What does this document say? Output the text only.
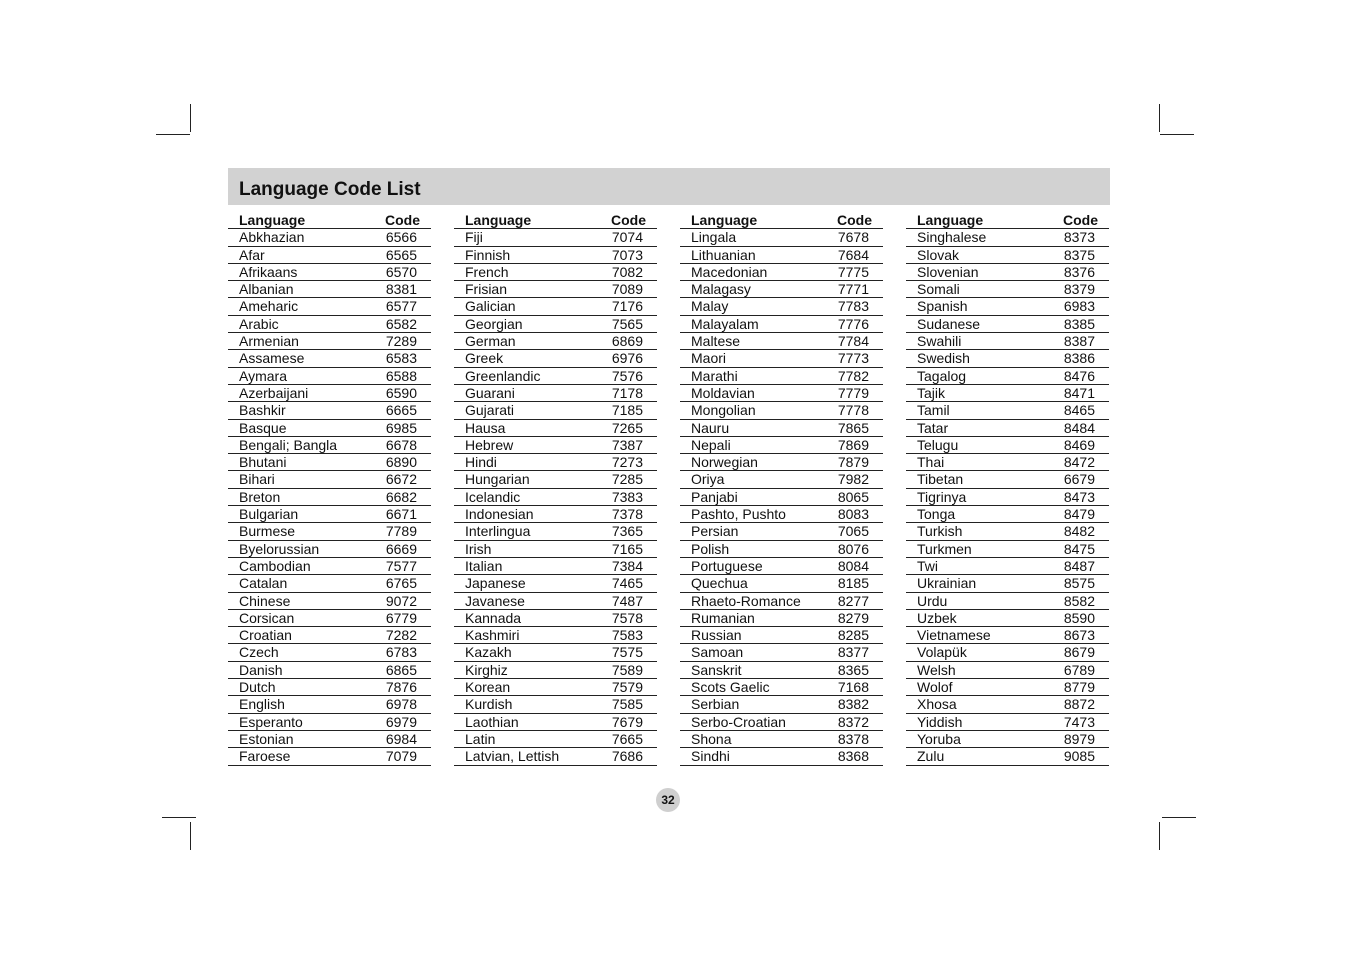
Language Code List
Language	Code
Abkhazian	6566
Afar	6565
Afrikaans	6570
Albanian	8381
Ameharic	6577
Arabic	6582
Armenian	7289
Assamese	6583
Aymara	6588
Azerbaijani	6590
Bashkir	6665
Basque	6985
Bengali; Bangla	6678
Bhutani	6890
Bihari	6672
Breton	6682
Bulgarian	6671
Burmese	7789
Byelorussian	6669
Cambodian	7577
Catalan	6765
Chinese	9072
Corsican	6779
Croatian	7282
Czech	6783
Danish	6865
Dutch	7876
English	6978
Esperanto	6979
Estonian	6984
Faroese	7079
Language	Code
Fiji	7074
Finnish	7073
French	7082
Frisian	7089
Galician	7176
Georgian	7565
German	6869
Greek	6976
Greenlandic	7576
Guarani	7178
Gujarati	7185
Hausa	7265
Hebrew	7387
Hindi	7273
Hungarian	7285
Icelandic	7383
Indonesian	7378
Interlingua	7365
Irish	7165
Italian	7384
Japanese	7465
Javanese	7487
Kannada	7578
Kashmiri	7583
Kazakh	7575
Kirghiz	7589
Korean	7579
Kurdish	7585
Laothian	7679
Latin	7665
Latvian, Lettish	7686
Language	Code
Lingala	7678
Lithuanian	7684
Macedonian	7775
Malagasy	7771
Malay	7783
Malayalam	7776
Maltese	7784
Maori	7773
Marathi	7782
Moldavian	7779
Mongolian	7778
Nauru	7865
Nepali	7869
Norwegian	7879
Oriya	7982
Panjabi	8065
Pashto, Pushto	8083
Persian	7065
Polish	8076
Portuguese	8084
Quechua	8185
Rhaeto-Romance	8277
Rumanian	8279
Russian	8285
Samoan	8377
Sanskrit	8365
Scots Gaelic	7168
Serbian	8382
Serbo-Croatian	8372
Shona	8378
Sindhi	8368
Language	Code
Singhalese	8373
Slovak	8375
Slovenian	8376
Somali	8379
Spanish	6983
Sudanese	8385
Swahili	8387
Swedish	8386
Tagalog	8476
Tajik	8471
Tamil	8465
Tatar	8484
Telugu	8469
Thai	8472
Tibetan	6679
Tigrinya	8473
Tonga	8479
Turkish	8482
Turkmen	8475
Twi	8487
Ukrainian	8575
Urdu	8582
Uzbek	8590
Vietnamese	8673
Volapük	8679
Welsh	6789
Wolof	8779
Xhosa	8872
Yiddish	7473
Yoruba	8979
Zulu	9085
32
